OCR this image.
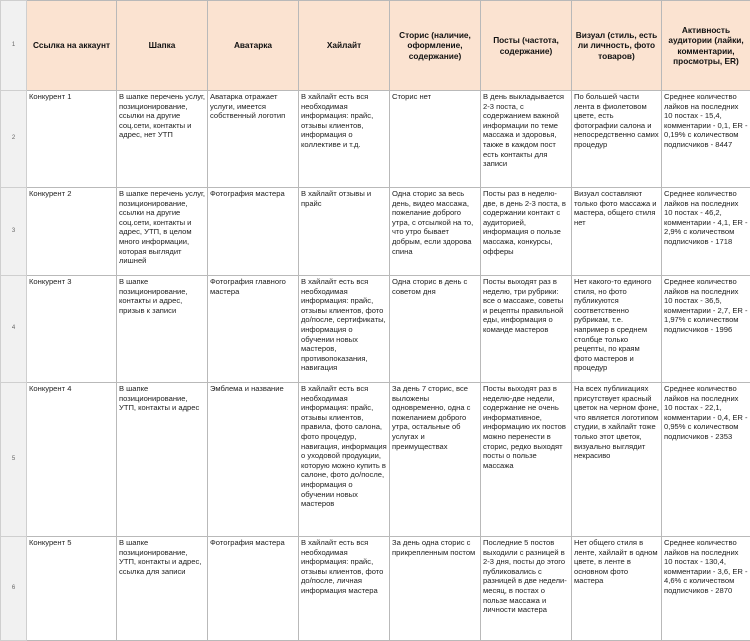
1	Ссылка на аккаунт	Шапка	Аватарка	Хайлайт	Сторис (наличие, оформление, содержание)	Посты (частота, содержание)	Визуал (стиль, есть ли личность, фото товаров)	Активность аудитории (лайки, комментарии, просмотры, ER)
2	Конкурент 1	В шапке перечень услуг, позиционирование, ссылки на другие соц.сети, контакты и адрес, нет УТП	Аватарка отражает услуги, имеется собственный логотип	В хайлайт есть вся необходимая информация: прайс, отзывы клиентов, информация о коллективе и т.д.	Сторис нет	В день выкладывается 2-3 поста, с содержанием важной информации по теме массажа и здоровья, также в каждом пост есть контакты для записи	По большей части лента в фиолетовом цвете, есть фотографии салона и непосредственно самих процедур	Среднее количество лайков на последних 10 постах - 15,4, комментарии - 0,1, ER - 0,19% с количеством подписчиков - 8447

3	Конкурент 2	В шапке перечень услуг, позиционирование, ссылки на другие соц.сети, контакты и адрес, УТП, в целом много информации, которая выглядит лишней	Фотография мастера	В хайлайт отзывы и прайс	Одна сторис за весь день, видео массажа, пожелание доброго утра, с отсылкой на то, что утро бывает добрым, если здорова спина	Посты раз в неделю-две, в день 2-3 поста, в содержании контакт с аудиторией, информация о пользе массажа, конкурсы, офферы	Визуал составляют только фото массажа и мастера, общего стиля нет	Среднее количество лайков на последних 10 постах - 46,2, комментарии - 4,1, ER - 2,9% с количеством подписчиков - 1718

4	Конкурент 3	В шапке позиционирование, контакты и адрес, призыв к записи	Фотография главного мастера	В хайлайт есть вся необходимая информация: прайс, отзывы клиентов, фото до/после, сертификаты, информация о обучении новых мастеров, противопоказания, навигация	Одна сторис в день с советом дня	Посты выходят раз в неделю, три рубрики: все о массаже, советы и рецепты правильной еды, информация о команде мастеров	Нет какого-то единого стиля, но фото публикуются соответственно рубрикам, т.е. например в среднем столбце только рецепты, по краям фото мастеров и процедур	Среднее количество лайков на последних 10 постах - 36,5, комментарии - 2,7, ER - 1,97% с количеством подписчиков - 1996

5	Конкурент 4	В шапке позиционирование, УТП, контакты и адрес	Эмблема и название	В хайлайт есть вся необходимая информация: прайс, отзывы клиентов, правила, фото салона, фото процедур, навигация, информация о уходовой продукции, которую можно купить в салоне, фото до/после, информация о обучении новых мастеров	За день 7 сторис, все выложены одновременно, одна с пожеланием доброго утра, остальные об услугах и преимуществах	Посты выходят раз в неделю-две недели, содержание не очень информативное, информацию их постов можно перенести в сторис, редко выходят посты о пользе массажа	На всех публикациях присутствует красный цветок на черном фоне, что является логотипом студии, в хайлайт тоже только этот цветок, визуально выглядит некрасиво	Среднее количество лайков на последних 10 постах - 22,1, комментарии - 0,4, ER - 0,95% с количеством подписчиков - 2353

6	Конкурент 5	В шапке позиционирование, УТП, контакты и адрес, ссылка для записи	Фотография мастера	В хайлайт есть вся необходимая информация: прайс, отзывы клиентов, фото до/после, личная информация мастера	За день одна сторис с прикрепленным постом	Последние 5 постов выходили с разницей в 2-3 дня, посты до этого публиковались с разницей в две недели-месяц, в постах о пользе массажа и личности мастера	Нет общего стиля в ленте, хайлайт в одном цвете, в ленте в основном фото мастера	Среднее количество лайков на последних 10 постах - 130,4, комментарии - 3,6, ER - 4,6% с количеством подписчиков - 2870
